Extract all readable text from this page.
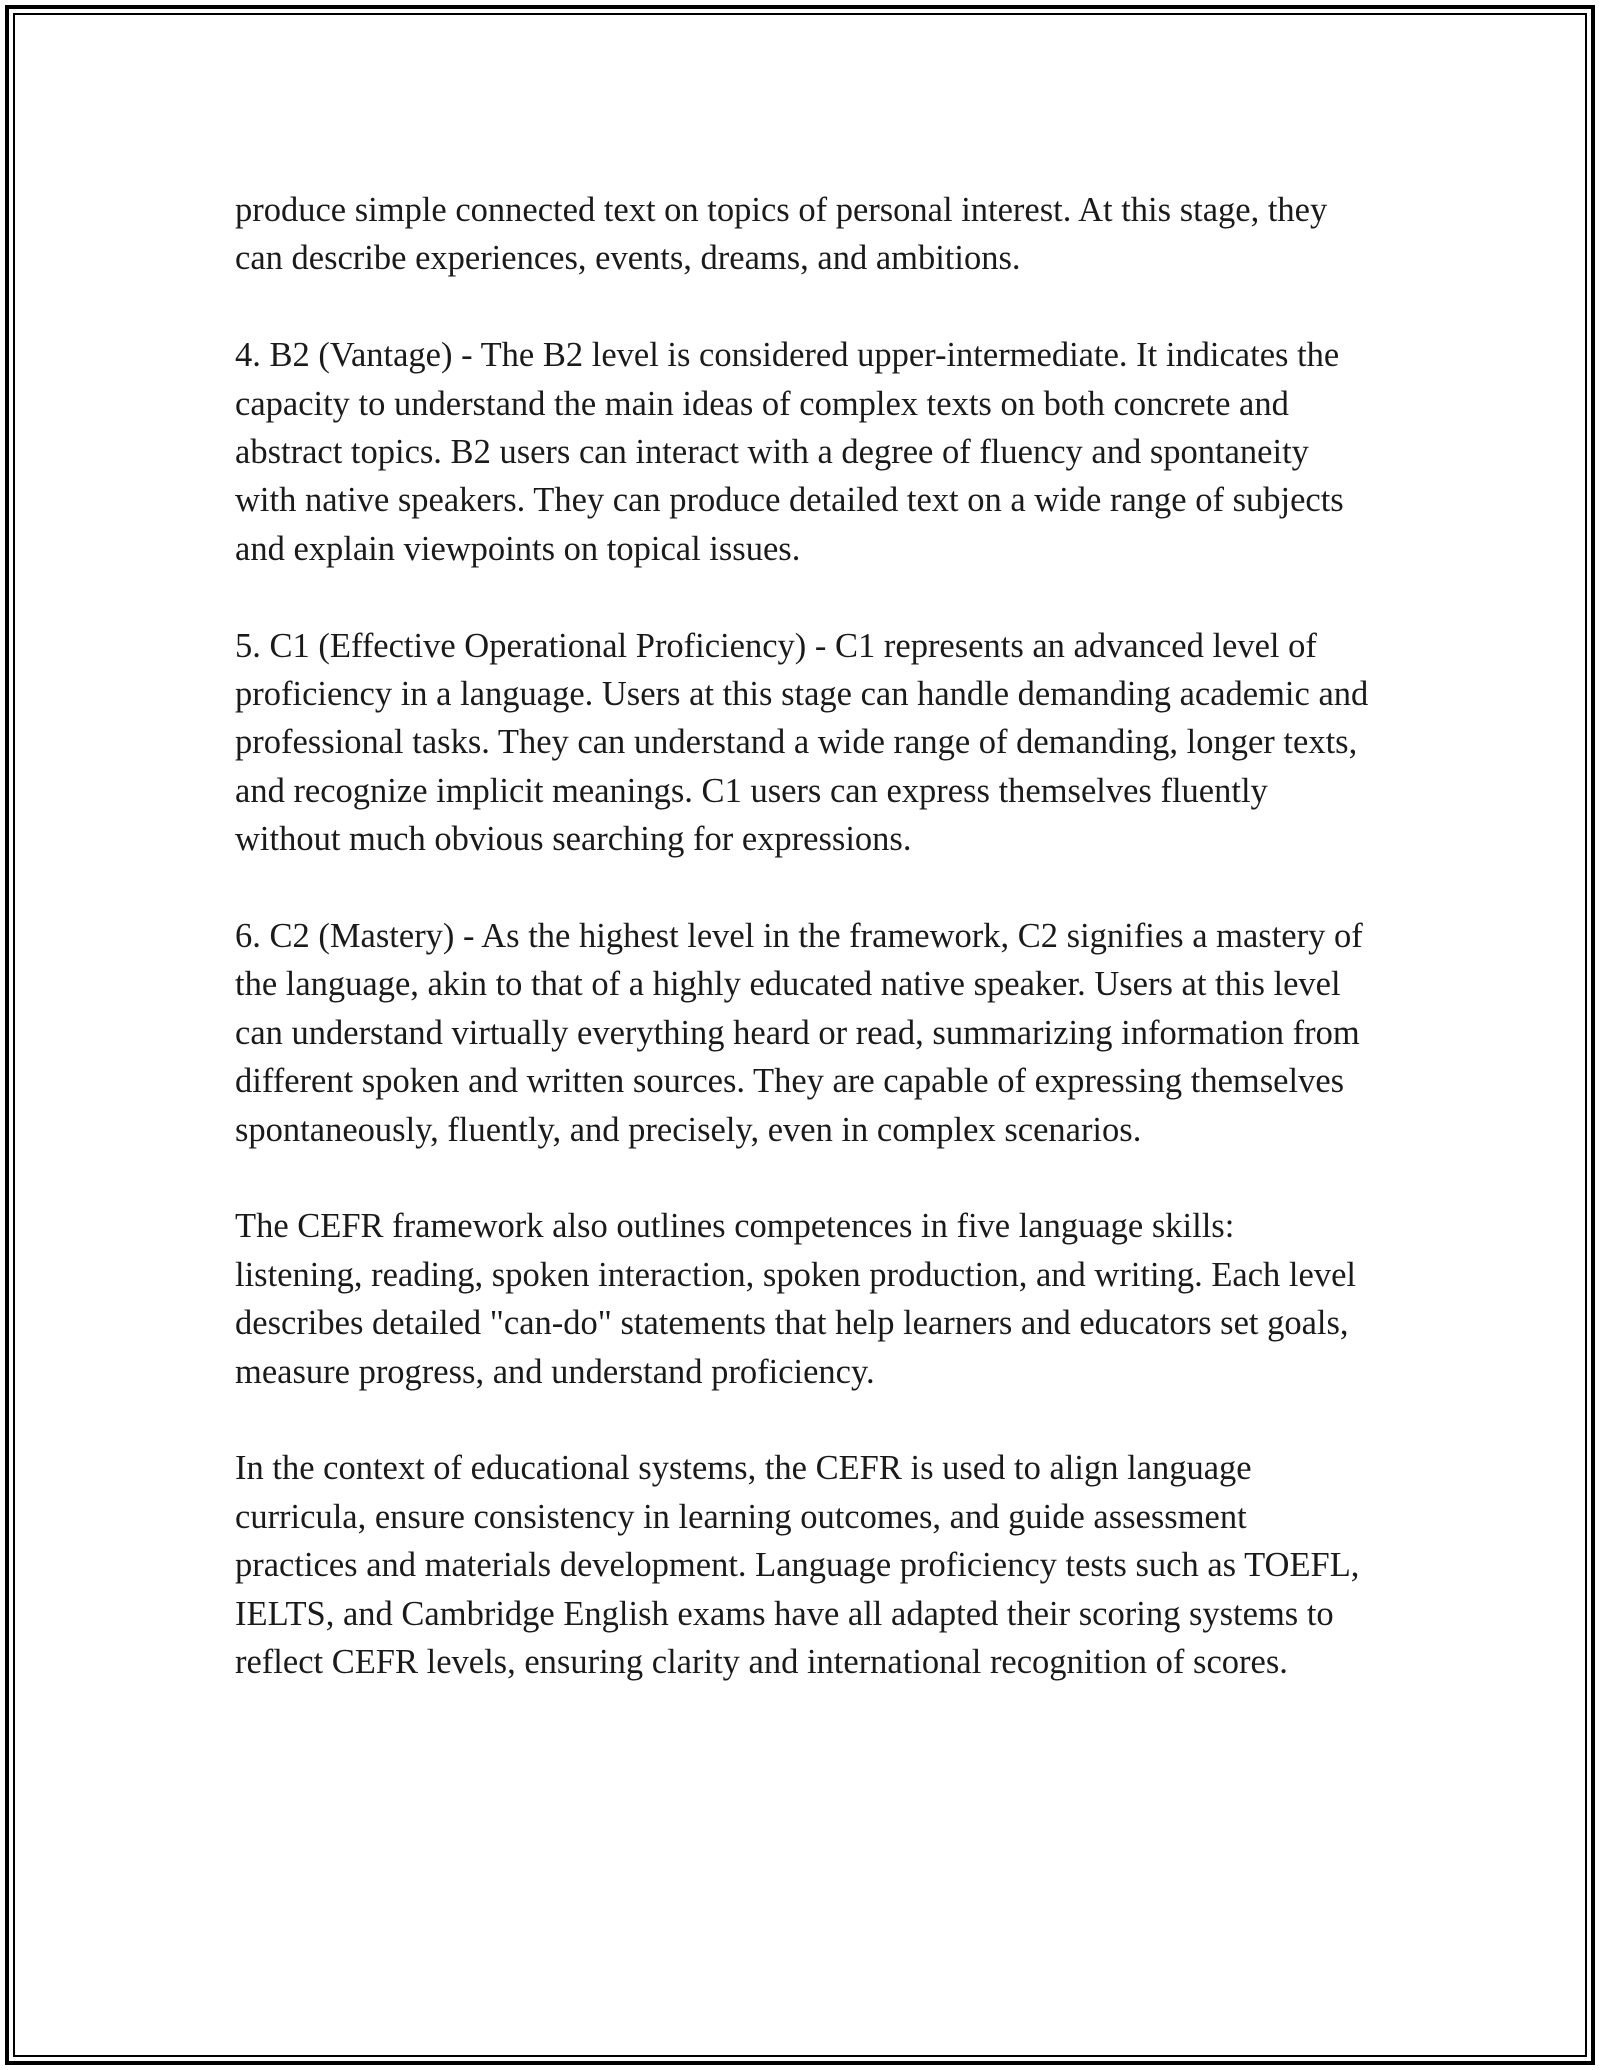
produce simple connected text on topics of personal interest. At this stage, they can describe experiences, events, dreams, and ambitions.

4. B2 (Vantage) - The B2 level is considered upper-intermediate. It indicates the capacity to understand the main ideas of complex texts on both concrete and abstract topics. B2 users can interact with a degree of fluency and spontaneity with native speakers. They can produce detailed text on a wide range of subjects and explain viewpoints on topical issues.

5. C1 (Effective Operational Proficiency) - C1 represents an advanced level of proficiency in a language. Users at this stage can handle demanding academic and professional tasks. They can understand a wide range of demanding, longer texts, and recognize implicit meanings. C1 users can express themselves fluently without much obvious searching for expressions.

6. C2 (Mastery) - As the highest level in the framework, C2 signifies a mastery of the language, akin to that of a highly educated native speaker. Users at this level can understand virtually everything heard or read, summarizing information from different spoken and written sources. They are capable of expressing themselves spontaneously, fluently, and precisely, even in complex scenarios.

The CEFR framework also outlines competences in five language skills: listening, reading, spoken interaction, spoken production, and writing. Each level describes detailed "can-do" statements that help learners and educators set goals, measure progress, and understand proficiency.

In the context of educational systems, the CEFR is used to align language curricula, ensure consistency in learning outcomes, and guide assessment practices and materials development. Language proficiency tests such as TOEFL, IELTS, and Cambridge English exams have all adapted their scoring systems to reflect CEFR levels, ensuring clarity and international recognition of scores.
